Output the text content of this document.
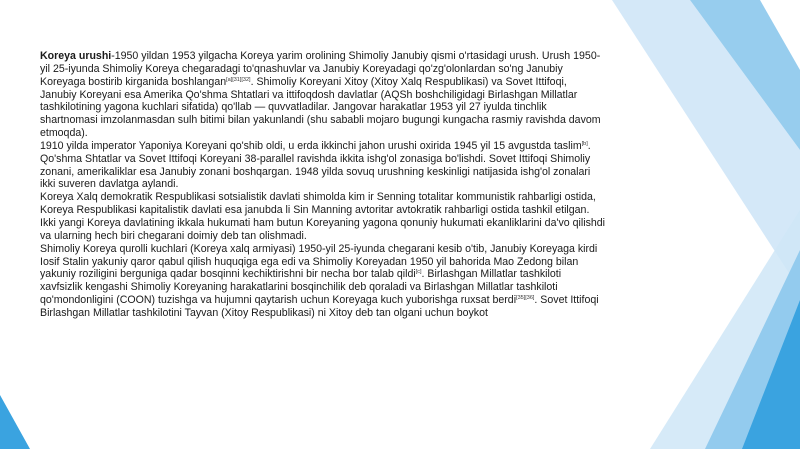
Koreya urushi-1950 yildan 1953 yilgacha Koreya yarim orolining Shimoliy Janubiy qismi o'rtasidagi urush. Urush 1950-yil 25-iyunda Shimoliy Koreya chegaradagi to'qnashuvlar va Janubiy Koreyadagi qo'zg'olonlardan so'ng Janubiy Koreyaga bostirib kirganida boshlangan[a][31][32]. Shimoliy Koreyani Xitoy (Xitoy Xalq Respublikasi) va Sovet Ittifoqi, Janubiy Koreyani esa Amerika Qo'shma Shtatlari va ittifoqdosh davlatlar (AQSh boshchiligidagi Birlashgan Millatlar tashkilotining yagona kuchlari sifatida) qo'llab — quvvatladilar. Jangovar harakatlar 1953 yil 27 iyulda tinchlik shartnomasi imzolanmasdan sulh bitimi bilan yakunlandi (shu sababli mojaro bugungi kungacha rasmiy ravishda davom etmoqda).

1910 yilda imperator Yaponiya Koreyani qo'shib oldi, u erda ikkinchi jahon urushi oxirida 1945 yil 15 avgustda taslim[b]. Qo'shma Shtatlar va Sovet Ittifoqi Koreyani 38-parallel ravishda ikkita ishg'ol zonasiga bo'lishdi. Sovet Ittifoqi Shimoliy zonani, amerikaliklar esa Janubiy zonani boshqargan. 1948 yilda sovuq urushning keskinligi natijasida ishg'ol zonalari ikki suveren davlatga aylandi.

Koreya Xalq demokratik Respublikasi sotsialistik davlati shimolda kim ir Senning totalitar kommunistik rahbarligi ostida, Koreya Respublikasi kapitalistik davlati esa janubda li Sin Manning avtoritar avtokratik rahbarligi ostida tashkil etilgan. Ikki yangi Koreya davlatining ikkala hukumati ham butun Koreyaning yagona qonuniy hukumati ekanliklarini da'vo qilishdi va ularning hech biri chegarani doimiy deb tan olishmadi.

Shimoliy Koreya qurolli kuchlari (Koreya xalq armiyasi) 1950-yil 25-iyunda chegarani kesib o'tib, Janubiy Koreyaga kirdi Iosif Stalin yakuniy qaror qabul qilish huquqiga ega edi va Shimoliy Koreyadan 1950 yil bahorida Mao Zedong bilan yakuniy roziligini berguniga qadar bosqinni kechiktirishni bir necha bor talab qildi[c]. Birlashgan Millatlar tashkiloti xavfsizlik kengashi Shimoliy Koreyaning harakatlarini bosqinchilik deb qoraladi va Birlashgan Millatlar tashkiloti qo'mondonligini (COON) tuzishga va hujumni qaytarish uchun Koreyaga kuch yuborishga ruxsat berdi[35][36]. Sovet Ittifoqi Birlashgan Millatlar tashkilotini Tayvan (Xitoy Respublikasi) ni Xitoy deb tan olgani uchun boykot
